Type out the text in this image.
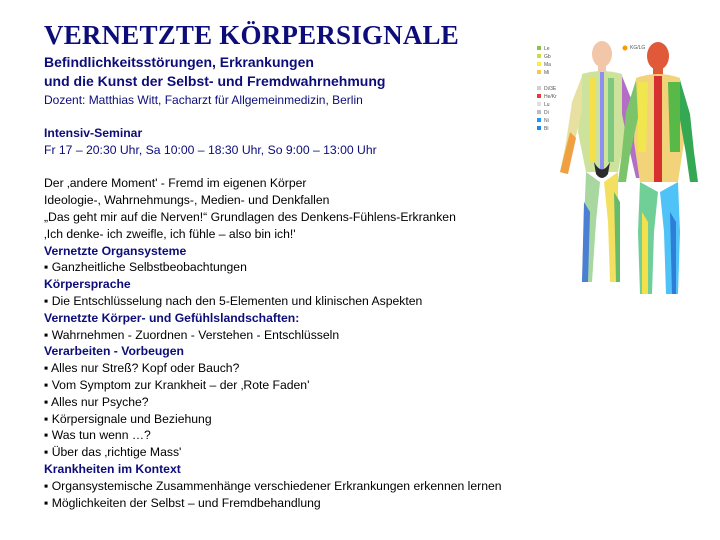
VERNETZTE KÖRPERSIGNALE
Befindlichkeitsstörungen, Erkrankungen
und die Kunst der Selbst- und Fremdwahrnehmung
Dozent: Matthias Witt, Facharzt für Allgemeinmedizin, Berlin
Intensiv-Seminar
Fr 17 – 20:30 Uhr, Sa 10:00 – 18:30 Uhr, So 9:00 – 13:00 Uhr
Der ‚andere Moment' - Fremd im eigenen Körper
Ideologie-, Wahrnehmungs-, Medien- und Denkfallen
„Das geht mir auf die Nerven!“ Grundlagen des Denkens-Fühlens-Erkranken
‚Ich denke- ich zweifle, ich fühle – also bin ich!'
Vernetzte Organsysteme
▪ Ganzheitliche Selbstbeobachtungen
Körpersprache
▪ Die Entschlüsselung nach den 5-Elementen und klinischen Aspekten
Vernetzte Körper- und Gefühlslandschaften:
▪ Wahrnehmen - Zuordnen - Verstehen - Entschlüsseln
Verarbeiten - Vorbeugen
▪ Alles nur Streß? Kopf oder Bauch?
▪ Vom Symptom zur Krankheit – der ‚Rote Faden'
▪ Alles nur Psyche?
▪ Körpersignale und Beziehung
▪ Was tun wenn …?
▪ Über das ‚richtige Mass'
Krankheiten im Kontext
▪ Organsystemische Zusammenhänge verschiedener Erkrankungen erkennen lernen
▪ Möglichkeiten der Selbst – und Fremdbehandlung
Le
Gb
Ma
Mi
Di/3E
He/Kr
Lu
Di
Ni
Bl
KG/LG
